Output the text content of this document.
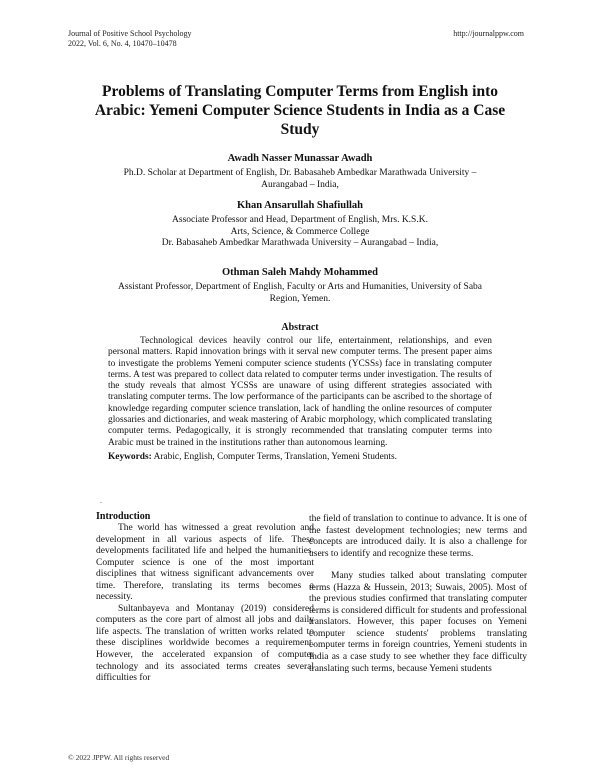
Journal of Positive School Psychology
2022, Vol. 6, No. 4, 10470–10478
http://journalppw.com
Problems of Translating Computer Terms from English into Arabic: Yemeni Computer Science Students in India as a Case Study
Awadh Nasser Munassar Awadh
Ph.D. Scholar at Department of English, Dr. Babasaheb Ambedkar Marathwada University –
Aurangabad – India,
Khan Ansarullah Shafiullah
Associate Professor and Head, Department of English, Mrs. K.S.K.
Arts, Science, & Commerce College
Dr. Babasaheb Ambedkar Marathwada University – Aurangabad – India,
Othman Saleh Mahdy Mohammed
Assistant Professor, Department of English, Faculty or Arts and Humanities, University of Saba
Region, Yemen.
Abstract

Technological devices heavily control our life, entertainment, relationships, and even personal matters. Rapid innovation brings with it serval new computer terms. The present paper aims to investigate the problems Yemeni computer science students (YCSSs) face in translating computer terms. A test was prepared to collect data related to computer terms under investigation. The results of the study reveals that almost YCSSs are unaware of using different strategies associated with translating computer terms. The low performance of the participants can be ascribed to the shortage of knowledge regarding computer science translation, lack of handling the online resources of computer glossaries and dictionaries, and weak mastering of Arabic morphology, which complicated translating computer terms. Pedagogically, it is strongly recommended that translating computer terms into Arabic must be trained in the institutions rather than autonomous learning.

Keywords: Arabic, English, Computer Terms, Translation, Yemeni Students.
.

Introduction

The world has witnessed a great revolution and development in all various aspects of life. These developments facilitated life and helped the humanities. Computer science is one of the most important disciplines that witness significant advancements over time. Therefore, translating its terms becomes a necessity.

Sultanbayeva and Montanay (2019) considered computers as the core part of almost all jobs and daily life aspects. The translation of written works related to these disciplines worldwide becomes a requirement. However, the accelerated expansion of computer technology and its associated terms creates several difficulties for

the field of translation to continue to advance. It is one of the fastest development technologies; new terms and concepts are introduced daily. It is also a challenge for users to identify and recognize these terms.

Many studies talked about translating computer terms (Hazza & Hussein, 2013; Suwais, 2005). Most of the previous studies confirmed that translating computer terms is considered difficult for students and professional translators. However, this paper focuses on Yemeni computer science students' problems translating computer terms in foreign countries, Yemeni students in India as a case study to see whether they face difficulty translating such terms, because Yemeni students

© 2022 JPPW. All rights reserved
